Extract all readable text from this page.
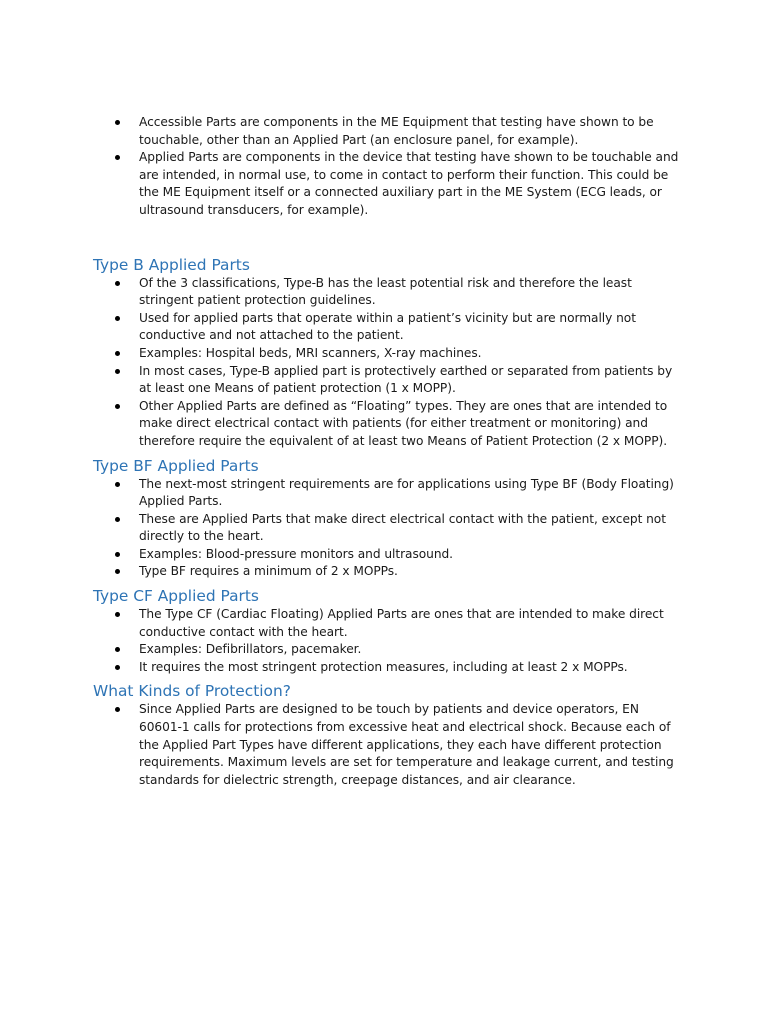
Accessible Parts are components in the ME Equipment that testing have shown to be touchable, other than an Applied Part (an enclosure panel, for example).
Applied Parts are components in the device that testing have shown to be touchable and are intended, in normal use, to come in contact to perform their function. This could be the ME Equipment itself or a connected auxiliary part in the ME System (ECG leads, or ultrasound transducers, for example).
Type B Applied Parts
Of the 3 classifications, Type-B has the least potential risk and therefore the least stringent patient protection guidelines.
Used for applied parts that operate within a patient’s vicinity but are normally not conductive and not attached to the patient.
Examples: Hospital beds, MRI scanners, X-ray machines.
In most cases, Type-B applied part is protectively earthed or separated from patients by at least one Means of patient protection (1 x MOPP).
Other Applied Parts are defined as “Floating” types. They are ones that are intended to make direct electrical contact with patients (for either treatment or monitoring) and therefore require the equivalent of at least two Means of Patient Protection (2 x MOPP).
Type BF Applied Parts
The next-most stringent requirements are for applications using Type BF (Body Floating) Applied Parts.
These are Applied Parts that make direct electrical contact with the patient, except not directly to the heart.
Examples: Blood-pressure monitors and ultrasound.
Type BF requires a minimum of 2 x MOPPs.
Type CF Applied Parts
The Type CF (Cardiac Floating) Applied Parts are ones that are intended to make direct conductive contact with the heart.
Examples: Defibrillators, pacemaker.
It requires the most stringent protection measures, including at least 2 x MOPPs.
What Kinds of Protection?
Since Applied Parts are designed to be touch by patients and device operators, EN 60601-1 calls for protections from excessive heat and electrical shock. Because each of the Applied Part Types have different applications, they each have different protection requirements. Maximum levels are set for temperature and leakage current, and testing standards for dielectric strength, creepage distances, and air clearance.
